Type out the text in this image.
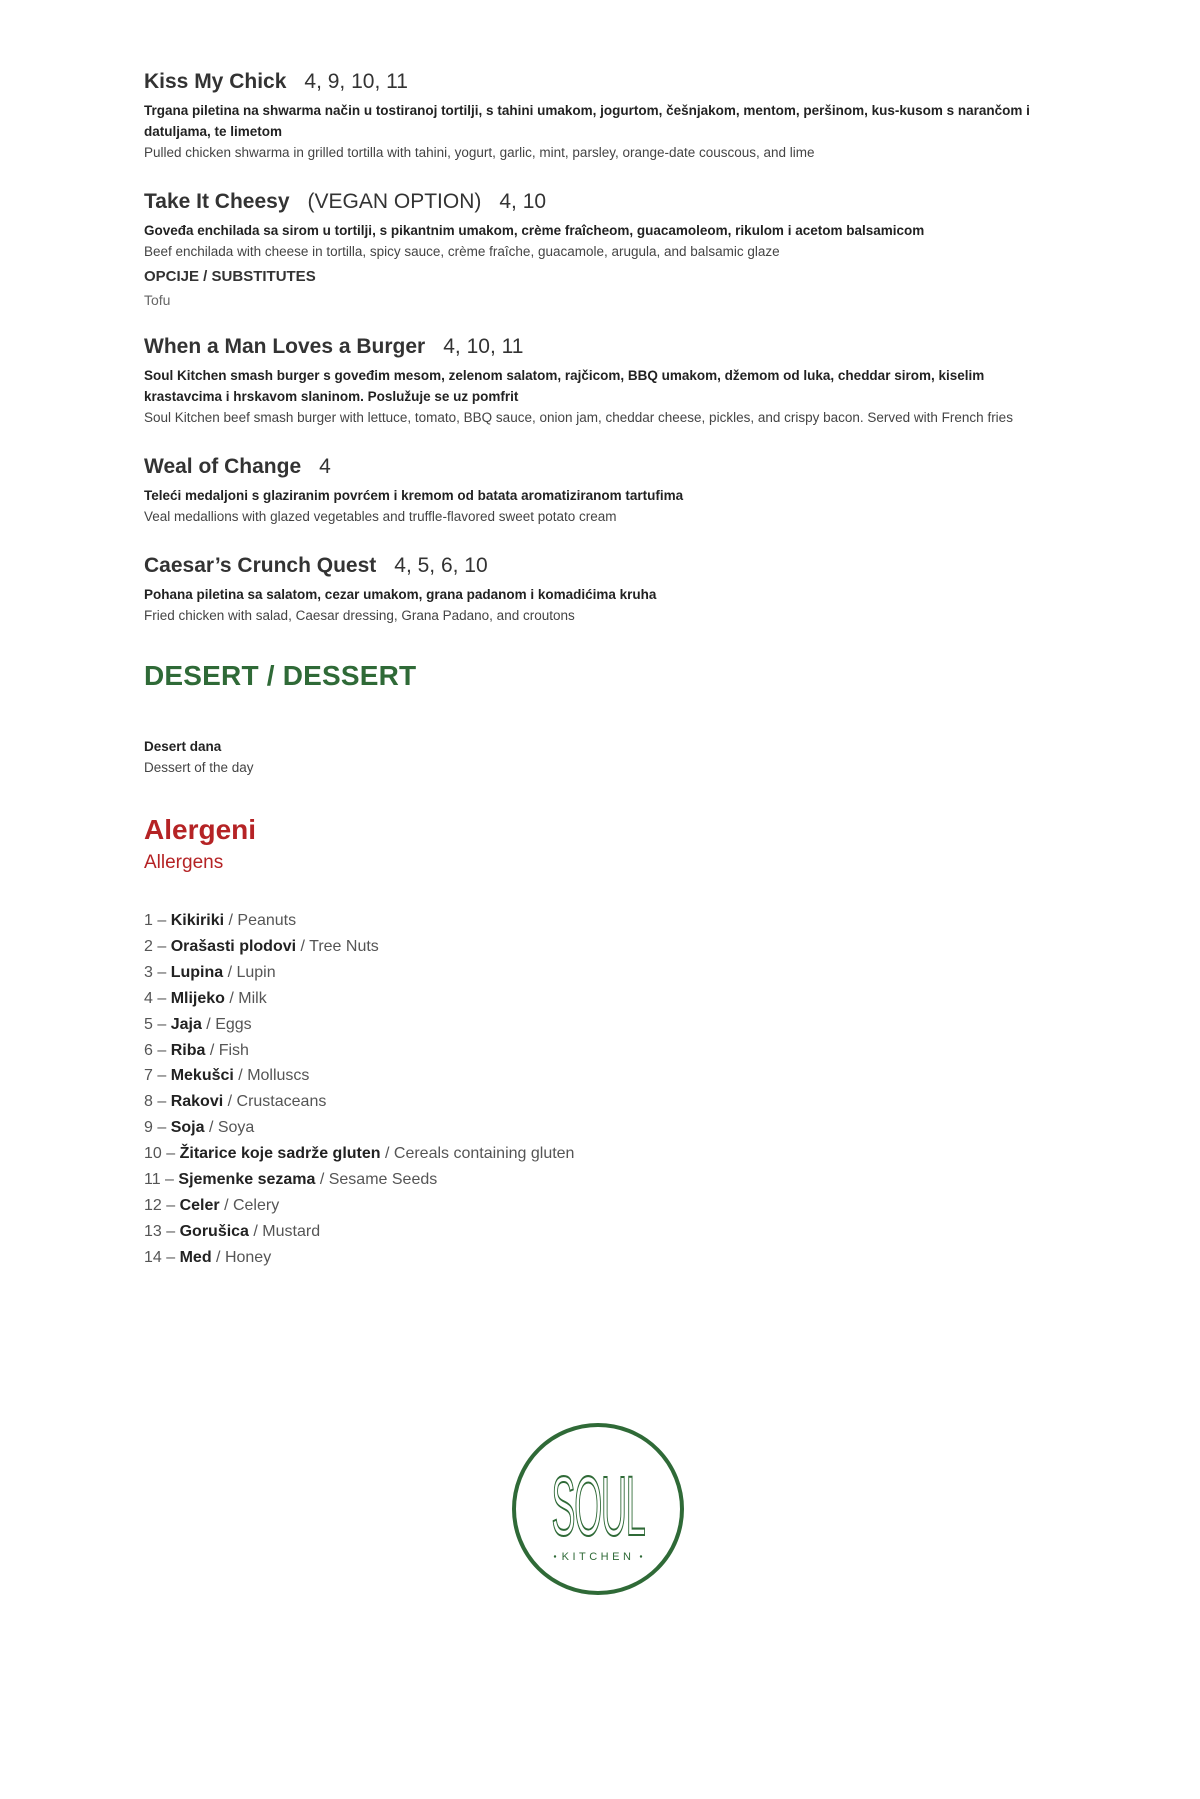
Kiss My Chick 4, 9, 10, 11
Trgana piletina na shwarma način u tostiranoj tortilji, s tahini umakom, jogurtom, češnjakom, mentom, peršinom, kus-kusom s narančom i datuljama, te limetom
Pulled chicken shwarma in grilled tortilla with tahini, yogurt, garlic, mint, parsley, orange-date couscous, and lime
Take It Cheesy (VEGAN OPTION) 4, 10
Goveđa enchilada sa sirom u tortilji, s pikantnim umakom, crème fraîcheom, guacamoleom, rikulom i acetom balsamicom
Beef enchilada with cheese in tortilla, spicy sauce, crème fraîche, guacamole, arugula, and balsamic glaze
OPCIJE / SUBSTITUTES
Tofu
When a Man Loves a Burger 4, 10, 11
Soul Kitchen smash burger s goveđim mesom, zelenom salatom, rajčicom, BBQ umakom, džemom od luka, cheddar sirom, kiselim krastavcima i hrskavom slaninom. Poslužuje se uz pomfrit
Soul Kitchen beef smash burger with lettuce, tomato, BBQ sauce, onion jam, cheddar cheese, pickles, and crispy bacon. Served with French fries
Weal of Change 4
Teleći medaljoni s glaziranim povrćem i kremom od batata aromatiziranom tartufima
Veal medallions with glazed vegetables and truffle-flavored sweet potato cream
Caesar’s Crunch Quest 4, 5, 6, 10
Pohana piletina sa salatom, cezar umakom, grana padanom i komadićima kruha
Fried chicken with salad, Caesar dressing, Grana Padano, and croutons
DESERT / DESSERT
Desert dana
Dessert of the day
Alergeni
Allergens
1 – Kikiriki / Peanuts
2 – Orašasti plodovi / Tree Nuts
3 – Lupina / Lupin
4 – Mlijeko / Milk
5 – Jaja / Eggs
6 – Riba / Fish
7 – Mekušci / Molluscs
8 – Rakovi / Crustaceans
9 – Soja / Soya
10 – Žitarice koje sadrže gluten / Cereals containing gluten
11 – Sjemenke sezama / Sesame Seeds
12 – Celer / Celery
13 – Gorušica / Mustard
14 – Med / Honey
SOUL
KITCHEN
